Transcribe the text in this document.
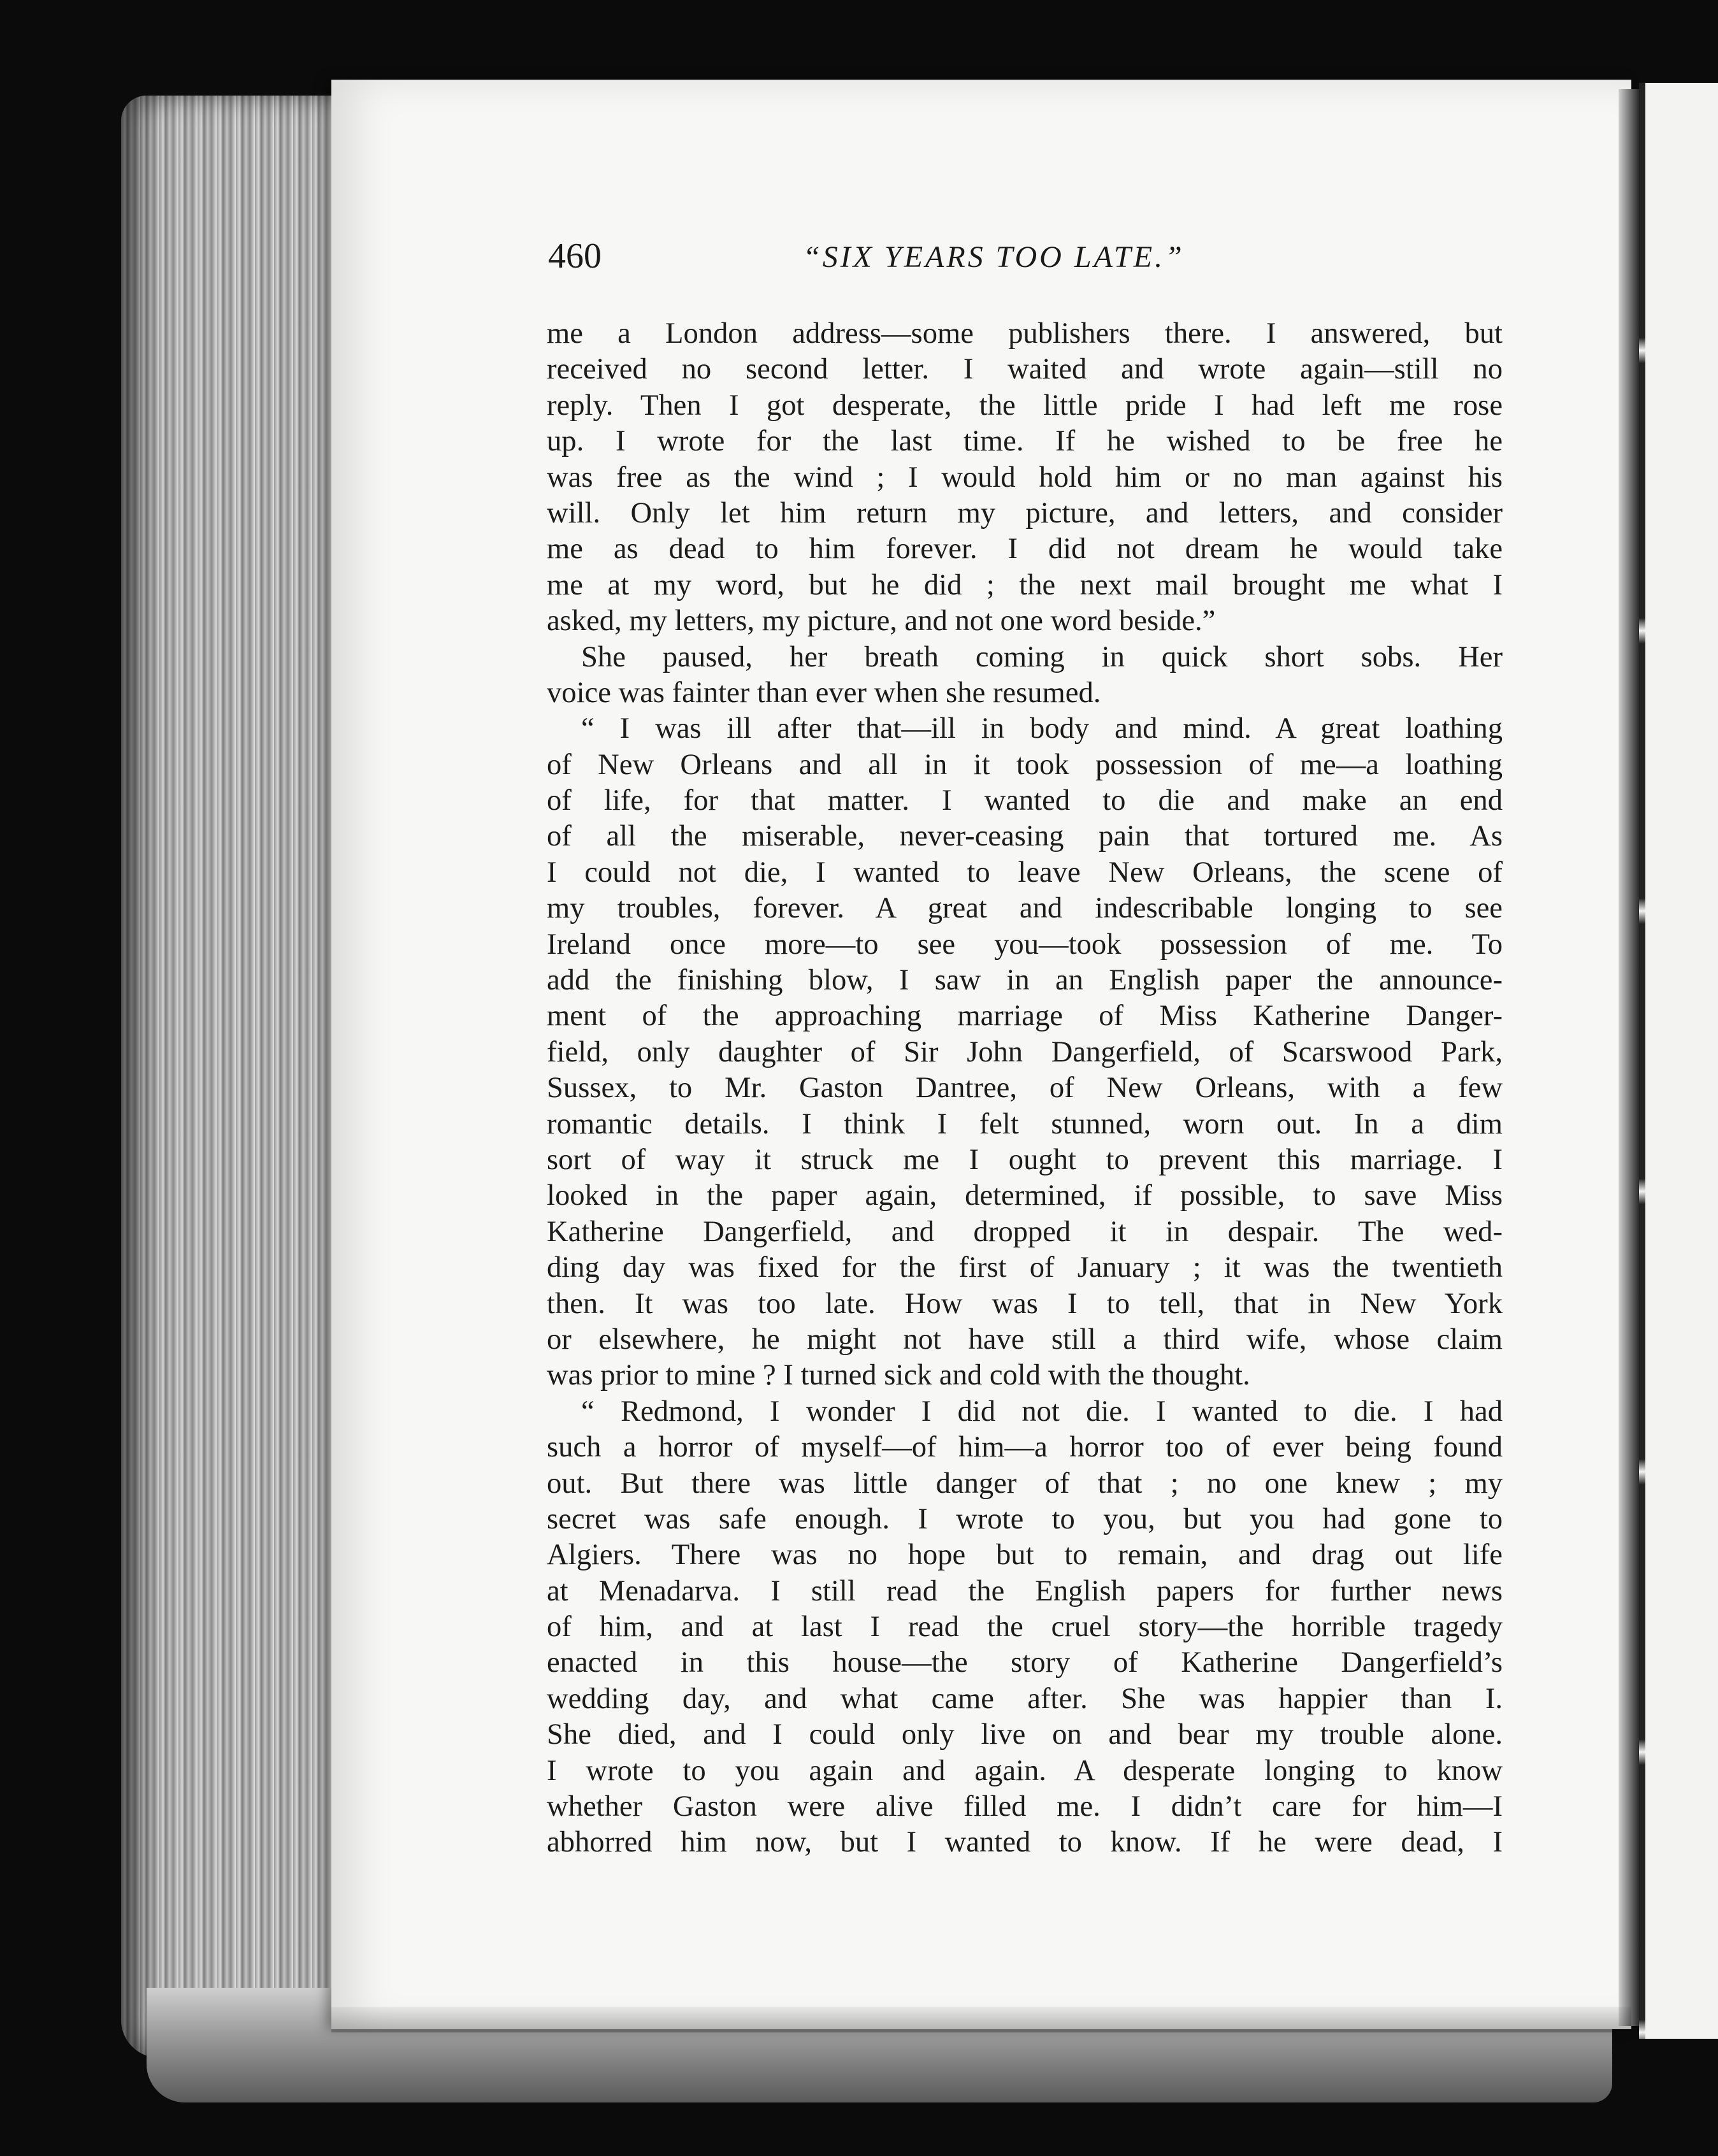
460	“SIX YEARS TOO LATE.”
me a London address—some publishers there. I answered, but
received no second letter. I waited and wrote again—still no
reply. Then I got desperate, the little pride I had left me rose
up. I wrote for the last time. If he wished to be free he
was free as the wind ; I would hold him or no man against his
will. Only let him return my picture, and letters, and consider
me as dead to him forever. I did not dream he would take
me at my word, but he did ; the next mail brought me what I
asked, my letters, my picture, and not one word beside.”
She paused, her breath coming in quick short sobs. Her
voice was fainter than ever when she resumed.
“ I was ill after that—ill in body and mind. A great loathing
of New Orleans and all in it took possession of me—a loathing
of life, for that matter. I wanted to die and make an end
of all the miserable, never-ceasing pain that tortured me. As
I could not die, I wanted to leave New Orleans, the scene of
my troubles, forever. A great and indescribable longing to see
Ireland once more—to see you—took possession of me. To
add the finishing blow, I saw in an English paper the announce-
ment of the approaching marriage of Miss Katherine Danger-
field, only daughter of Sir John Dangerfield, of Scarswood Park,
Sussex, to Mr. Gaston Dantree, of New Orleans, with a few
romantic details. I think I felt stunned, worn out. In a dim
sort of way it struck me I ought to prevent this marriage. I
looked in the paper again, determined, if possible, to save Miss
Katherine Dangerfield, and dropped it in despair. The wed-
ding day was fixed for the first of January ; it was the twentieth
then. It was too late. How was I to tell, that in New York
or elsewhere, he might not have still a third wife, whose claim
was prior to mine ? I turned sick and cold with the thought.
“ Redmond, I wonder I did not die. I wanted to die. I had
such a horror of myself—of him—a horror too of ever being found
out. But there was little danger of that ; no one knew ; my
secret was safe enough. I wrote to you, but you had gone to
Algiers. There was no hope but to remain, and drag out life
at Menadarva. I still read the English papers for further news
of him, and at last I read the cruel story—the horrible tragedy
enacted in this house—the story of Katherine Dangerfield’s
wedding day, and what came after. She was happier than I.
She died, and I could only live on and bear my trouble alone.
I wrote to you again and again. A desperate longing to know
whether Gaston were alive filled me. I didn’t care for him—I
abhorred him now, but I wanted to know. If he were dead, I
